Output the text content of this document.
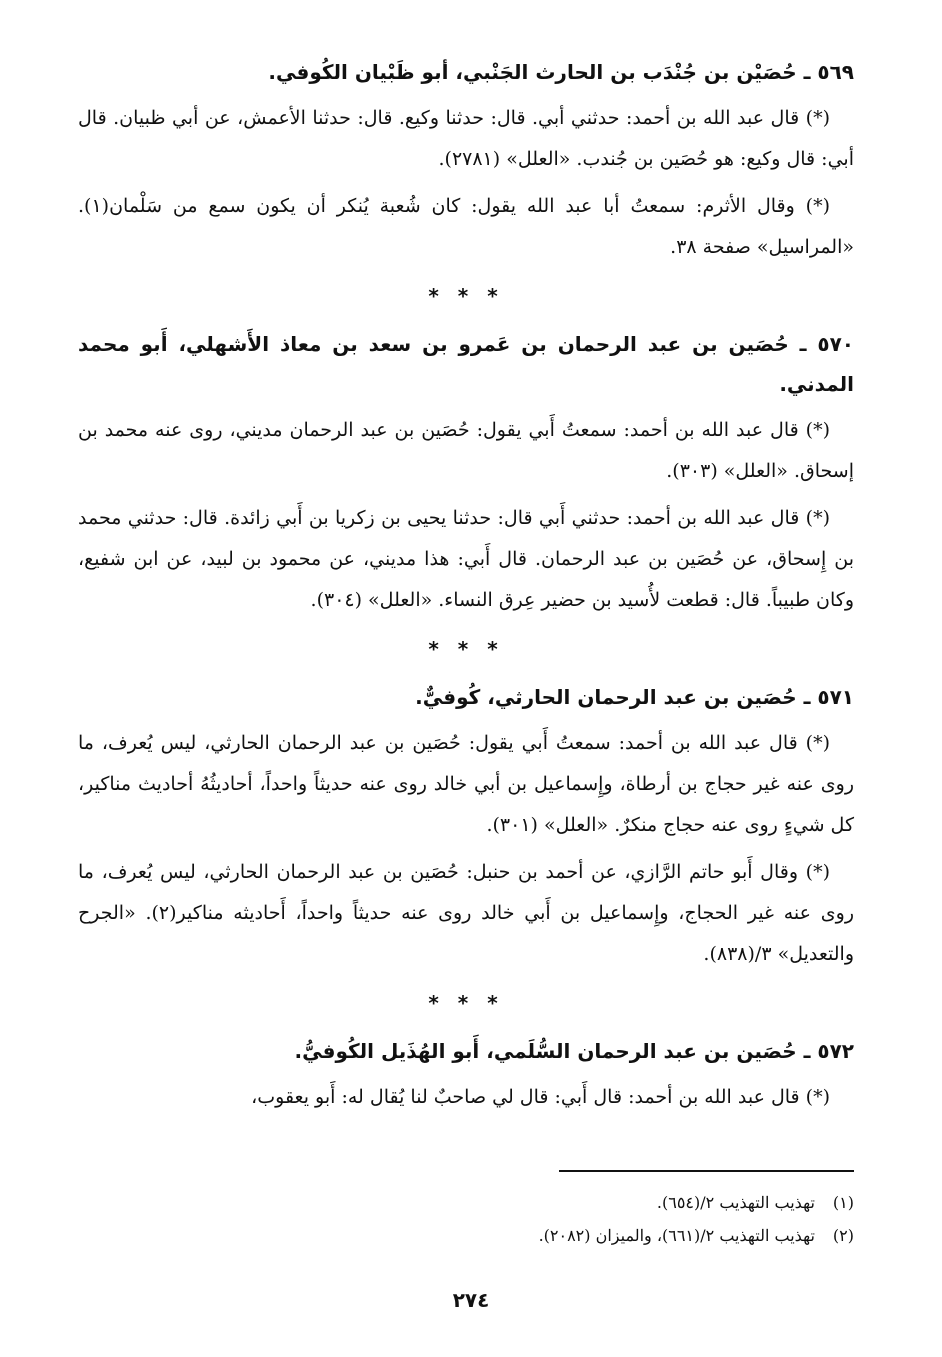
٥٦٩ ـ حُصَيْن بن جُنْدَب بن الحارث الجَنْبي، أبو ظَبْيان الكُوفي.

(*) قال عبد الله بن أحمد: حدثني أبي. قال: حدثنا وكيع. قال: حدثنا الأعمش، عن أبي ظبيان. قال أبي: قال وكيع: هو حُصَين بن جُندب. «العلل» (٢٧٨١).

(*) وقال الأثرم: سمعتُ أبا عبد الله يقول: كان شُعبة يُنكر أن يكون سمع من سَلْمان(١). «المراسيل» صفحة ٣٨.

* * *
٥٧٠ ـ حُصَين بن عبد الرحمان بن عَمرو بن سعد بن معاذ الأَشهلي، أَبو محمد المدني.

(*) قال عبد الله بن أحمد: سمعتُ أَبي يقول: حُصَين بن عبد الرحمان مديني، روى عنه محمد بن إسحاق. «العلل» (٣٠٣).

(*) قال عبد الله بن أحمد: حدثني أَبي قال: حدثنا يحيى بن زكريا بن أَبي زائدة. قال: حدثني محمد بن إِسحاق، عن حُصَين بن عبد الرحمان. قال أَبي: هذا مديني، عن محمود بن لبيد، عن ابن شفيع، وكان طبيباً. قال: قطعت لأُسيد بن حضير عِرق النساء. «العلل» (٣٠٤).

* * *
٥٧١ ـ حُصَين بن عبد الرحمان الحارثي، كُوفيٌّ.

(*) قال عبد الله بن أحمد: سمعتُ أَبي يقول: حُصَين بن عبد الرحمان الحارثي، ليس يُعرف، ما روى عنه غير حجاج بن أرطاة، وإِسماعيل بن أبي خالد روى عنه حديثاً واحداً، أحاديثُهُ أحاديث مناكير، كل شيءٍ روى عنه حجاج منكرٌ. «العلل» (٣٠١).

(*) وقال أَبو حاتم الرَّازي، عن أحمد بن حنبل: حُصَين بن عبد الرحمان الحارثي، ليس يُعرف، ما روى عنه غير الحجاج، وإِسماعيل بن أَبي خالد روى عنه حديثاً واحداً، أَحاديثه مناكير(٢). «الجرح والتعديل» ٣/(٨٣٨).

* * *
٥٧٢ ـ حُصَين بن عبد الرحمان السُّلَمي، أَبو الهُذَيل الكُوفيُّ.

(*) قال عبد الله بن أحمد: قال أَبي: قال لي صاحبٌ لنا يُقال له: أَبو يعقوب،

(١) تهذيب التهذيب ٢/(٦٥٤).
(٢) تهذيب التهذيب ٢/(٦٦١)، والميزان (٢٠٨٢).
٢٧٤
